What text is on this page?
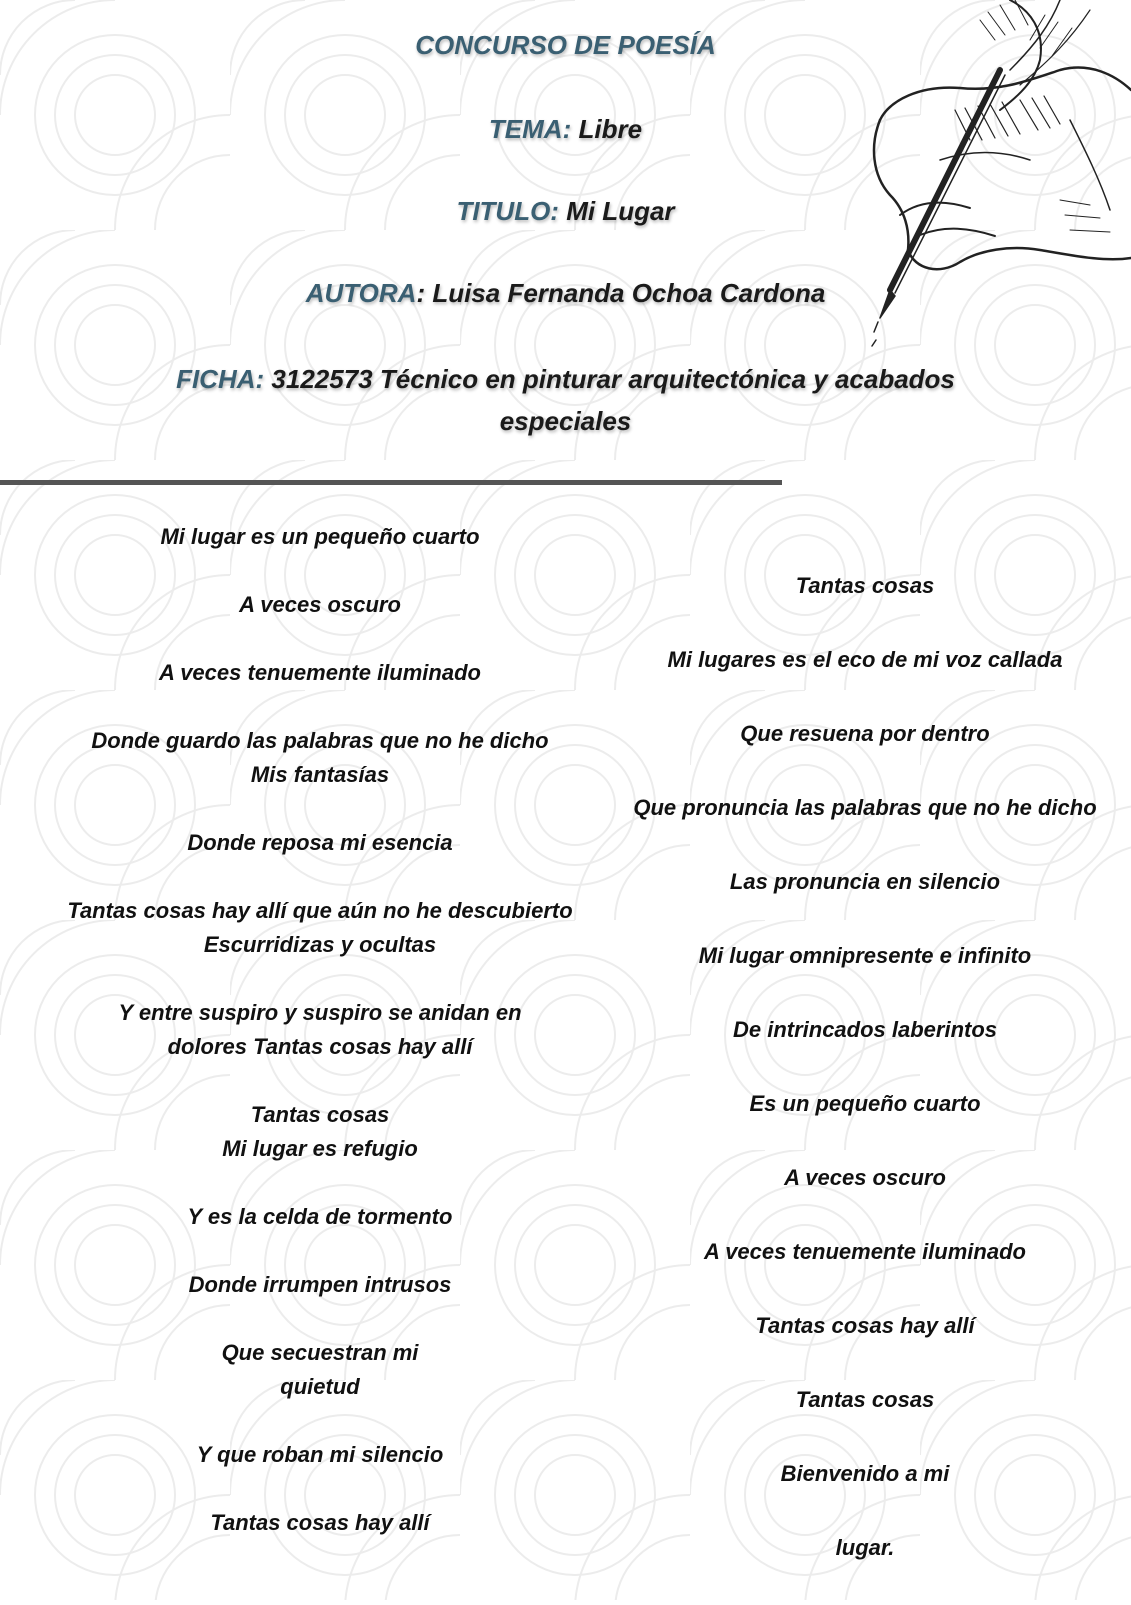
CONCURSO DE POESÍA
TEMA: Libre
TITULO: Mi Lugar
AUTORA: Luisa Fernanda Ochoa Cardona
FICHA: 3122573 Técnico en pinturar arquitectónica y acabados
especiales
Mi lugar es un pequeño cuarto
A veces oscuro
A veces tenuemente iluminado
Donde guardo las palabras que no he dicho
Mis fantasías
Donde reposa mi esencia
Tantas cosas hay allí que aún no he descubierto
Escurridizas y ocultas
Y entre suspiro y suspiro se anidan en
dolores Tantas cosas hay allí
Tantas cosas
Mi lugar es refugio
Y es la celda de tormento
Donde irrumpen intrusos
Que secuestran mi
quietud
Y que roban mi silencio
Tantas cosas hay allí
Tantas cosas
Mi lugares es el eco de mi voz callada
Que resuena por dentro
Que pronuncia las palabras que no he dicho
Las pronuncia en silencio
Mi lugar omnipresente e infinito
De intrincados laberintos
Es un pequeño cuarto
A veces oscuro
A veces tenuemente iluminado
Tantas cosas hay allí
Tantas cosas
Bienvenido a mi
lugar.
